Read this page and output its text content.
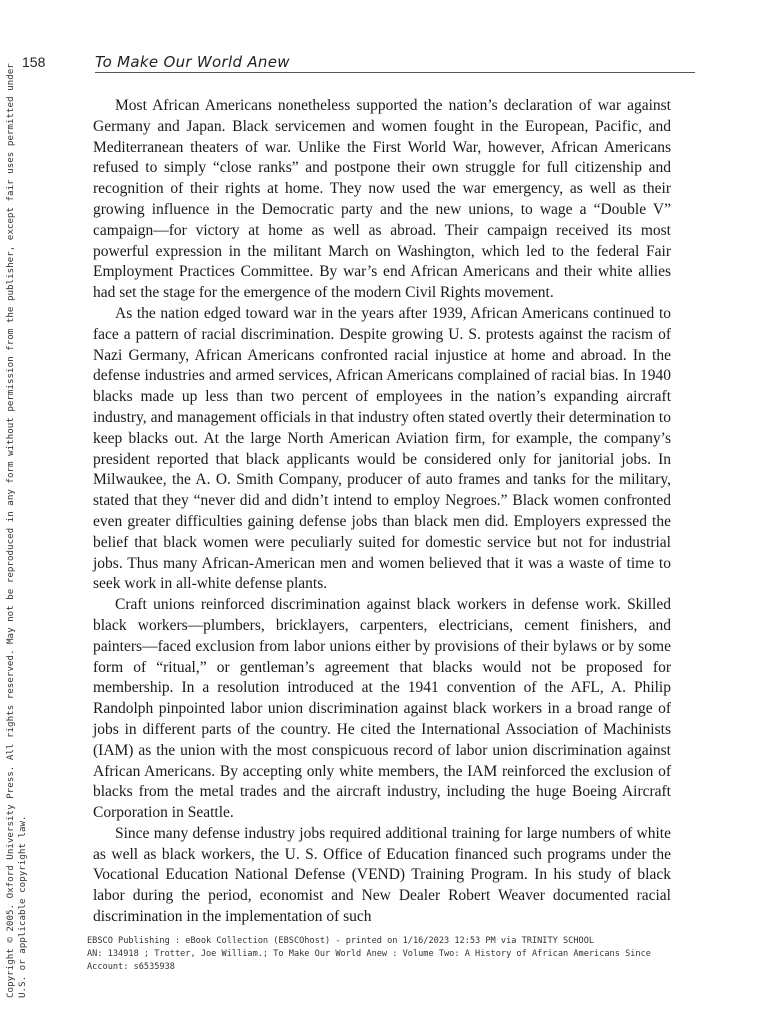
Copyright © 2005. Oxford University Press. All rights reserved. May not be reproduced in any form without permission from the publisher, except fair uses permitted under U.S. or applicable copyright law.
158	To Make Our World Anew

Most African Americans nonetheless supported the nation’s declaration of war against Germany and Japan. Black servicemen and women fought in the European, Pacific, and Mediterranean theaters of war. Unlike the First World War, however, African Americans refused to simply “close ranks” and postpone their own struggle for full citizenship and recognition of their rights at home. They now used the war emergency, as well as their growing influence in the Democratic party and the new unions, to wage a “Double V” campaign—for victory at home as well as abroad. Their campaign received its most powerful expression in the militant March on Washington, which led to the federal Fair Employment Practices Committee. By war’s end African Americans and their white allies had set the stage for the emergence of the modern Civil Rights movement.

As the nation edged toward war in the years after 1939, African Americans continued to face a pattern of racial discrimination. Despite growing U. S. protests against the racism of Nazi Germany, African Americans confronted racial injustice at home and abroad. In the defense industries and armed services, African Americans complained of racial bias. In 1940 blacks made up less than two percent of employees in the nation’s expanding aircraft industry, and management officials in that industry often stated overtly their determination to keep blacks out. At the large North American Aviation firm, for example, the company’s president reported that black applicants would be considered only for janitorial jobs. In Milwaukee, the A. O. Smith Company, producer of auto frames and tanks for the military, stated that they “never did and didn’t intend to employ Negroes.” Black women confronted even greater difficulties gaining defense jobs than black men did. Employers expressed the belief that black women were peculiarly suited for domestic service but not for industrial jobs. Thus many African-American men and women believed that it was a waste of time to seek work in all-white defense plants.

Craft unions reinforced discrimination against black workers in defense work. Skilled black workers—plumbers, bricklayers, carpenters, electricians, cement finishers, and painters—faced exclusion from labor unions either by provisions of their bylaws or by some form of “ritual,” or gentleman’s agreement that blacks would not be proposed for membership. In a resolution introduced at the 1941 convention of the AFL, A. Philip Randolph pinpointed labor union discrimination against black workers in a broad range of jobs in different parts of the country. He cited the International Association of Machinists (IAM) as the union with the most conspicuous record of labor union discrimination against African Americans. By accepting only white members, the IAM reinforced the exclusion of blacks from the metal trades and the aircraft industry, including the huge Boeing Aircraft Corporation in Seattle.

Since many defense industry jobs required additional training for large numbers of white as well as black workers, the U. S. Office of Education financed such programs under the Vocational Education National Defense (VEND) Training Program. In his study of black labor during the period, economist and New Dealer Robert Weaver documented racial discrimination in the implementation of such

EBSCO Publishing : eBook Collection (EBSCOhost) - printed on 1/16/2023 12:53 PM via TRINITY SCHOOL
AN: 134918 ; Trotter, Joe William.; To Make Our World Anew : Volume Two: A History of African Americans Since
Account: s6535938
